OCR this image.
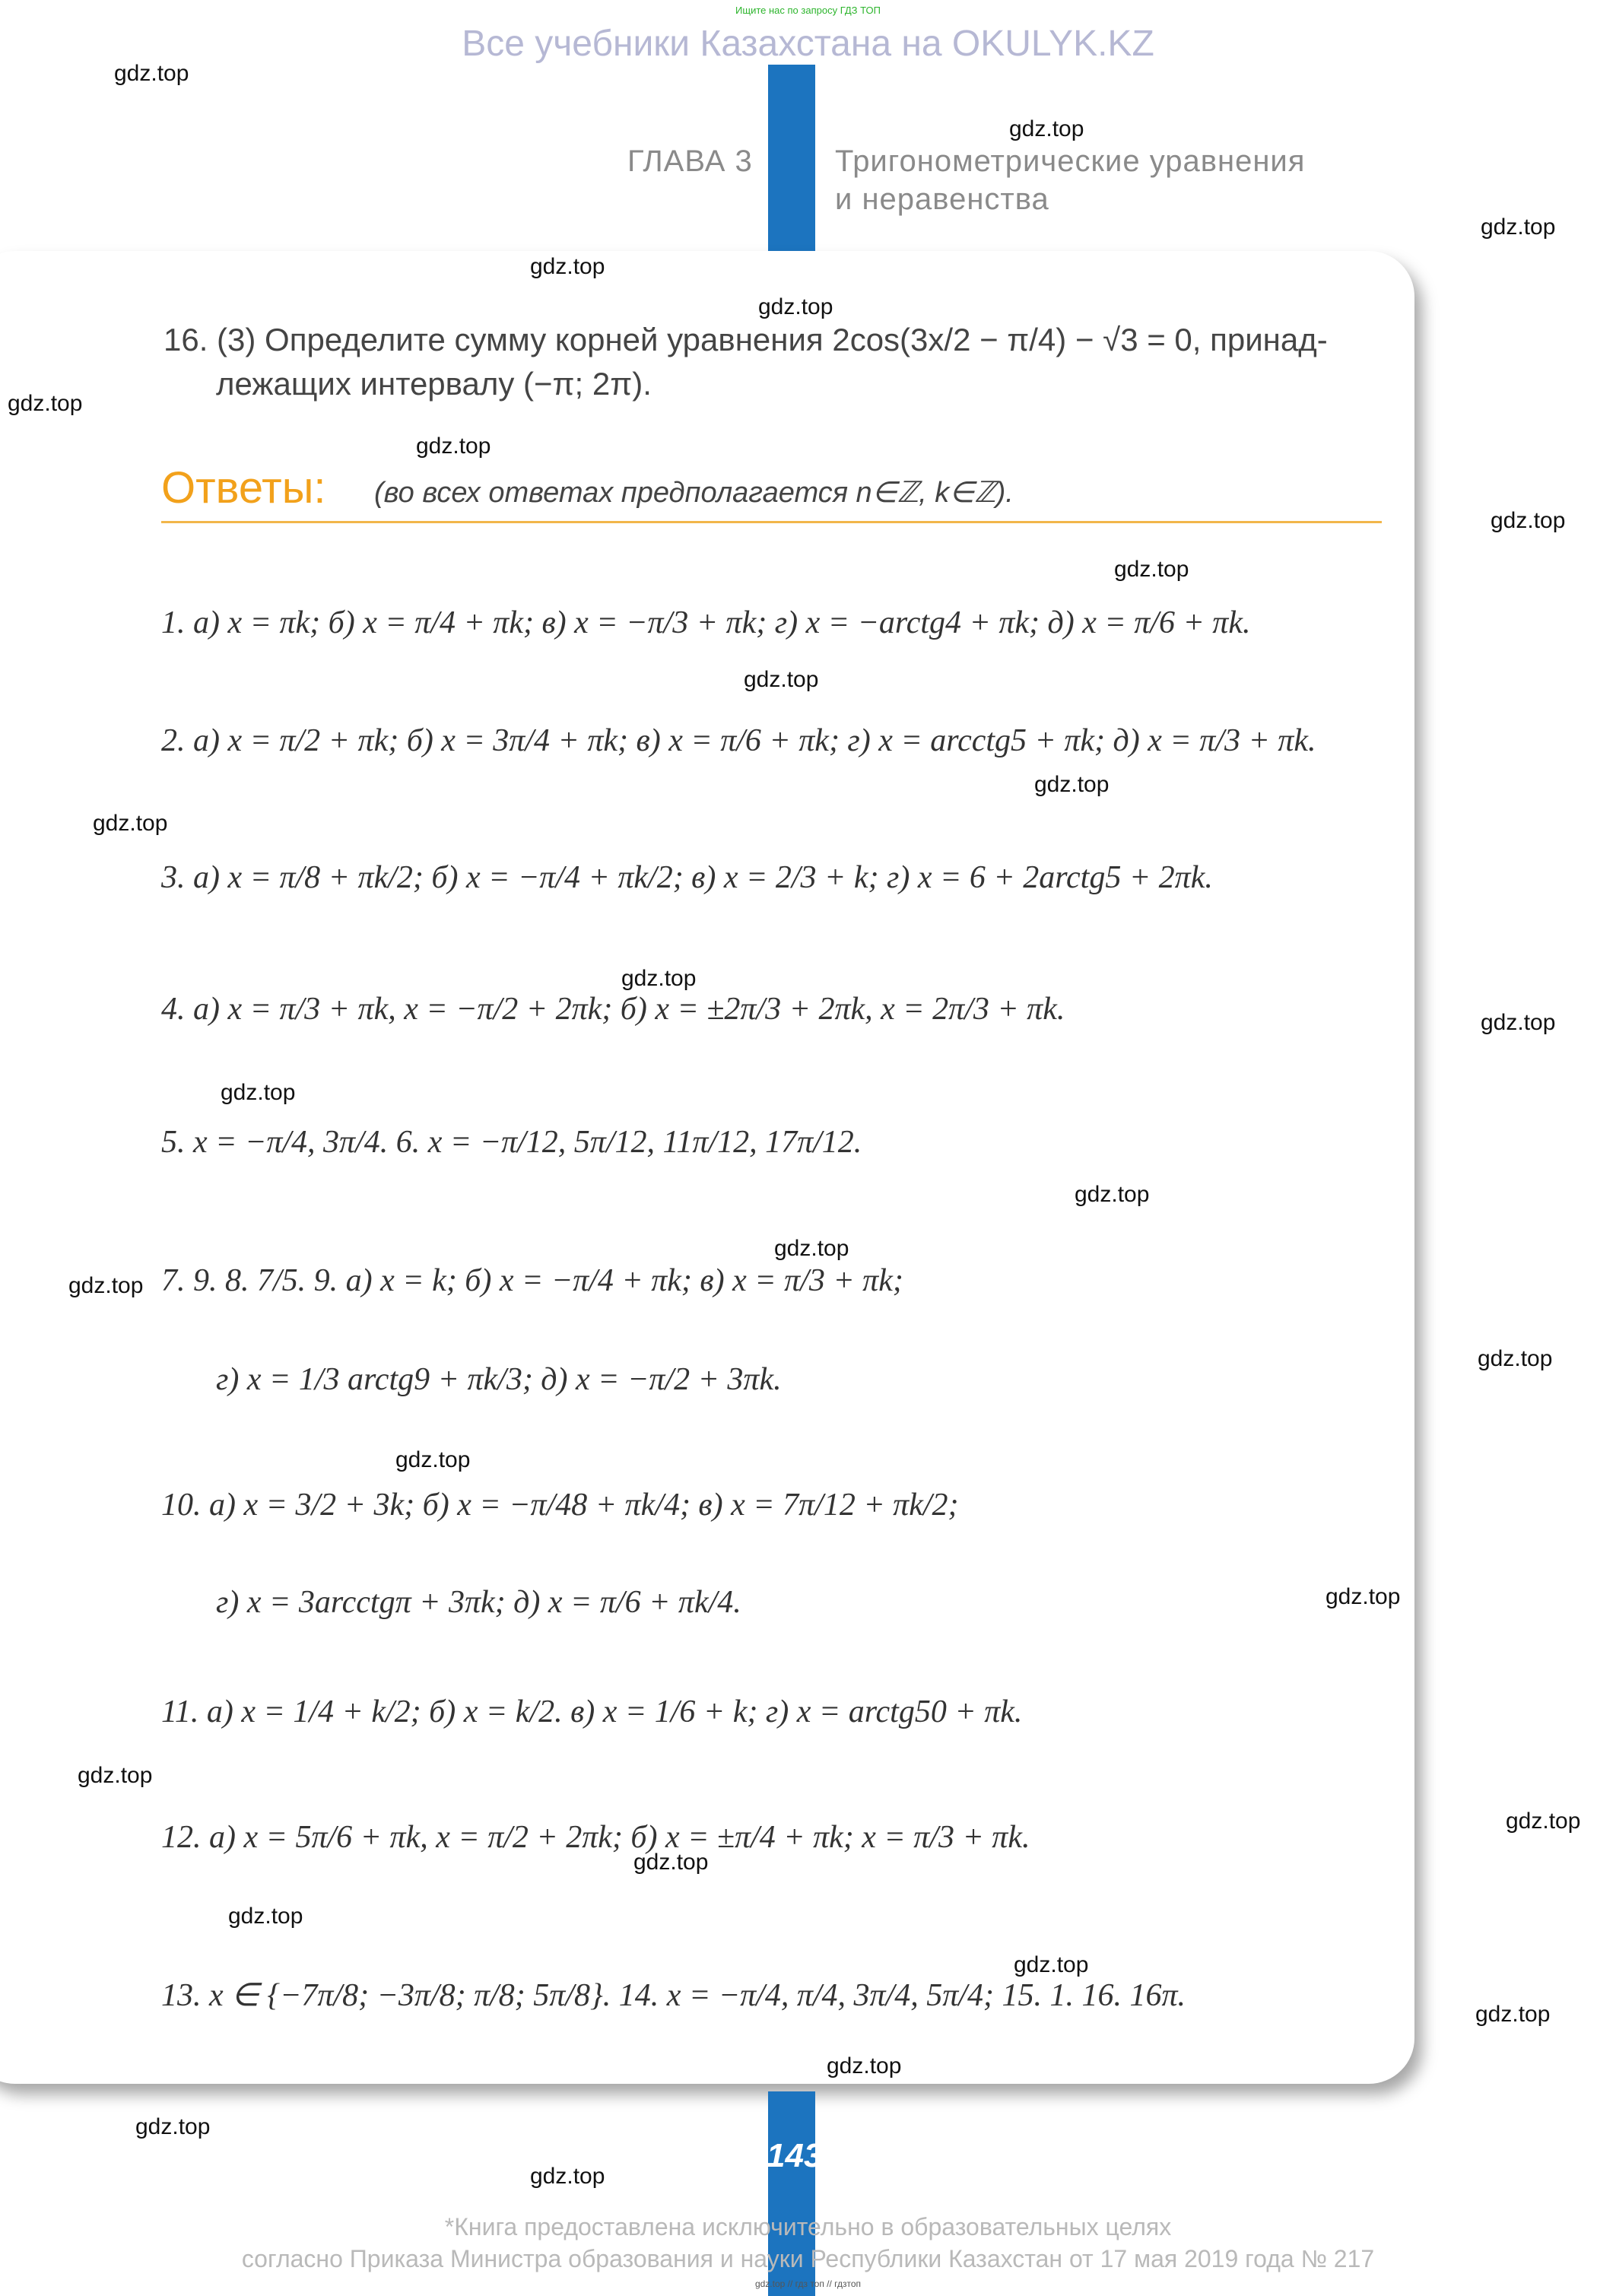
Ищите нас по запросу ГДЗ ТОП
Все учебники Казахстана на OKULYK.KZ
ГЛАВА 3	Тригонометрические уравнения
и неравенства
16. (3) Определите сумму корней уравнения 2cos(3x/2 − π/4) − √3 = 0, принад-
лежащих интервалу (−π; 2π).
Ответы: (во всех ответах предполагается n∈ℤ, k∈ℤ).
1. а) x = πk; б) x = π/4 + πk; в) x = −π/3 + πk; г) x = −arctg4 + πk; д) x = π/6 + πk.
2. а) x = π/2 + πk; б) x = 3π/4 + πk; в) x = π/6 + πk; г) x = arcctg5 + πk; д) x = π/3 + πk.
3. а) x = π/8 + πk/2; б) x = −π/4 + πk/2; в) x = 2/3 + k; г) x = 6 + 2arctg5 + 2πk.
4. а) x = π/3 + πk, x = −π/2 + 2πk; б) x = ±2π/3 + 2πk, x = 2π/3 + πk.
5. x = −π/4, 3π/4. 6. x = −π/12, 5π/12, 11π/12, 17π/12.
7. 9. 8. 7/5. 9. а) x = k; б) x = −π/4 + πk; в) x = π/3 + πk;
г) x = 1/3 arctg9 + πk/3; д) x = −π/2 + 3πk.
10. а) x = 3/2 + 3k; б) x = −π/48 + πk/4; в) x = 7π/12 + πk/2;
г) x = 3arcctgπ + 3πk; д) x = π/6 + πk/4.
11. а) x = 1/4 + k/2; б) x = k/2. в) x = 1/6 + k; г) x = arctg50 + πk.
12. а) x = 5π/6 + πk, x = π/2 + 2πk; б) x = ±π/4 + πk; x = π/3 + πk.
13. x ∈ {−7π/8; −3π/8; π/8; 5π/8}. 14. x = −π/4, π/4, 3π/4, 5π/4; 15. 1. 16. 16π.
143
*Книга предоставлена исключительно в образовательных целях
согласно Приказа Министра образования и науки Республики Казахстан от 17 мая 2019 года № 217
gdz.top // гдз топ // гдзтоп
gdz.top
gdz.top
gdz.top
gdz.top
gdz.top
gdz.top
gdz.top
gdz.top
gdz.top
gdz.top
gdz.top
gdz.top
gdz.top
gdz.top
gdz.top
gdz.top
gdz.top
gdz.top
gdz.top
gdz.top
gdz.top
gdz.top
gdz.top
gdz.top
gdz.top
gdz.top
gdz.top
gdz.top
gdz.top
gdz.top
